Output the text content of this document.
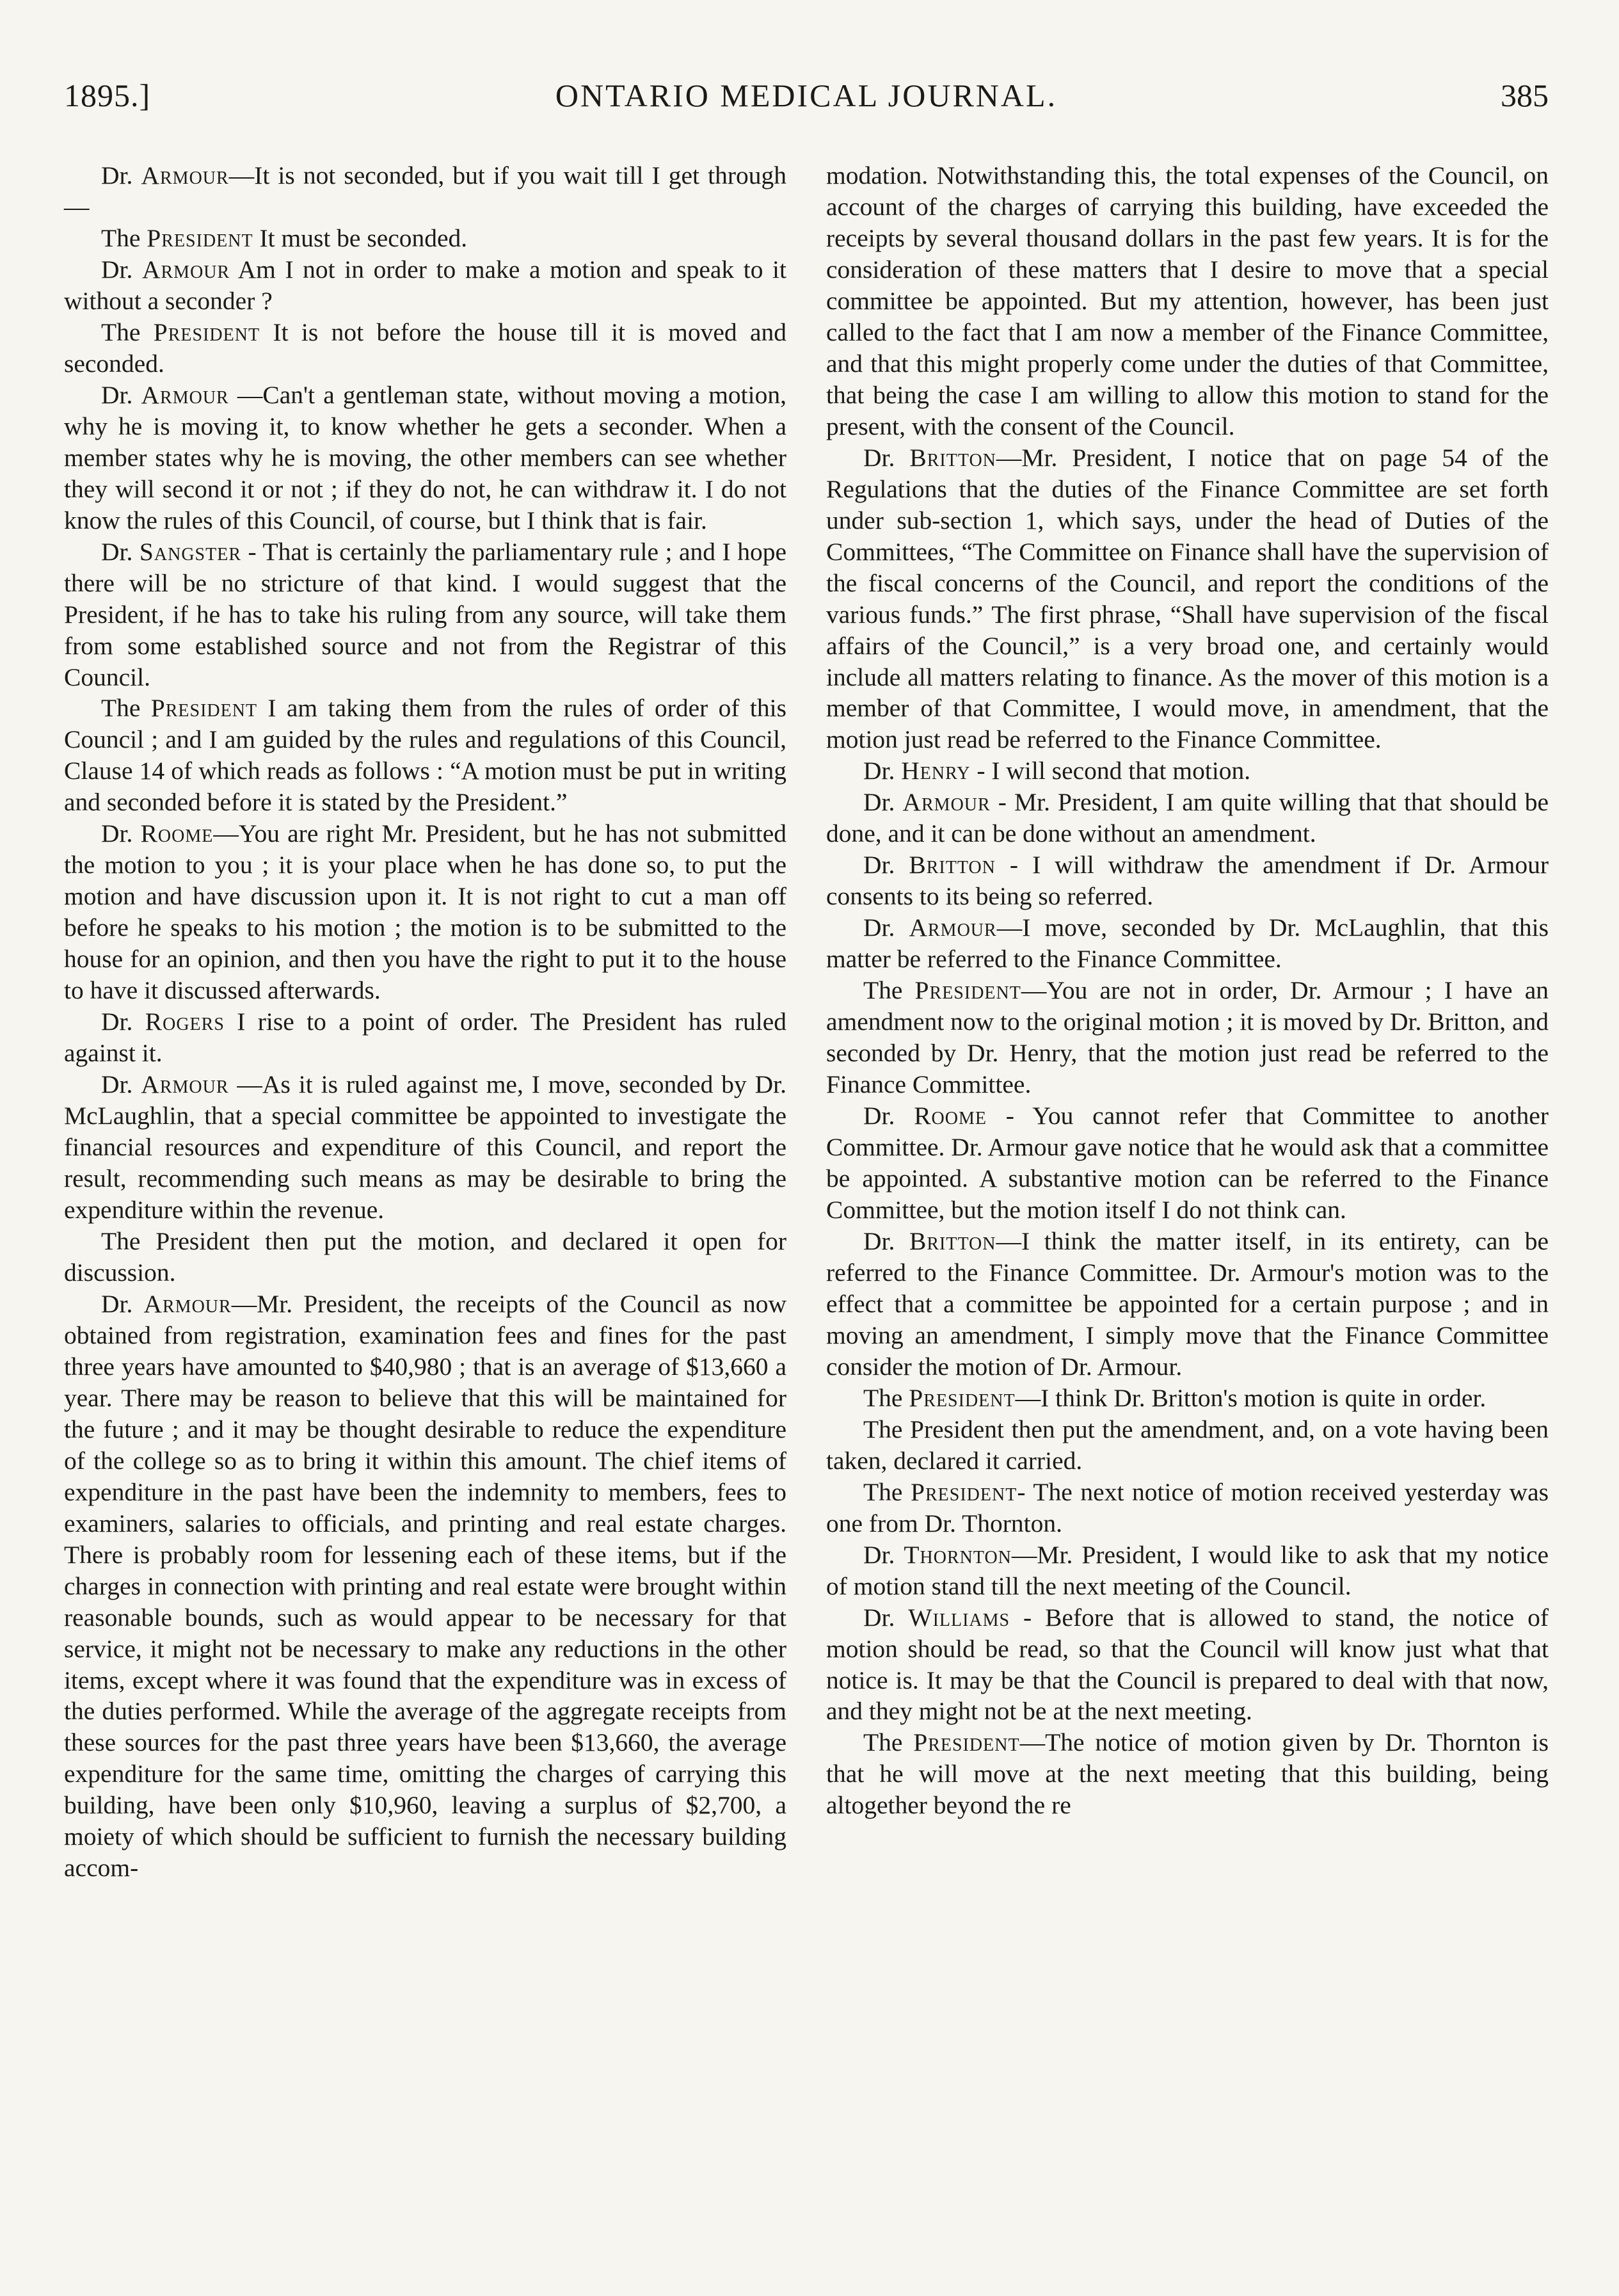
1895.]	ONTARIO MEDICAL JOURNAL.	385

Dr. Armour—It is not seconded, but if you wait till I get through—

The President It must be seconded.

Dr. Armour Am I not in order to make a motion and speak to it without a seconder ?

The President It is not before the house till it is moved and seconded.

Dr. Armour —Can't a gentleman state, without moving a motion, why he is moving it, to know whether he gets a seconder. When a member states why he is moving, the other members can see whether they will second it or not ; if they do not, he can withdraw it. I do not know the rules of this Council, of course, but I think that is fair.

Dr. Sangster - That is certainly the parliamentary rule ; and I hope there will be no stricture of that kind. I would suggest that the President, if he has to take his ruling from any source, will take them from some established source and not from the Registrar of this Council.

The President I am taking them from the rules of order of this Council ; and I am guided by the rules and regulations of this Council, Clause 14 of which reads as follows : “A motion must be put in writing and seconded before it is stated by the President.”

Dr. Roome—You are right Mr. President, but he has not submitted the motion to you ; it is your place when he has done so, to put the motion and have discussion upon it. It is not right to cut a man off before he speaks to his motion ; the motion is to be submitted to the house for an opinion, and then you have the right to put it to the house to have it discussed afterwards.

Dr. Rogers I rise to a point of order. The President has ruled against it.

Dr. Armour —As it is ruled against me, I move, seconded by Dr. McLaughlin, that a special committee be appointed to investigate the financial resources and expenditure of this Council, and report the result, recommending such means as may be desirable to bring the expenditure within the revenue.

The President then put the motion, and declared it open for discussion.

Dr. Armour—Mr. President, the receipts of the Council as now obtained from registration, examination fees and fines for the past three years have amounted to $40,980 ; that is an average of $13,660 a year. There may be reason to believe that this will be maintained for the future ; and it may be thought desirable to reduce the expenditure of the college so as to bring it within this amount. The chief items of expenditure in the past have been the indemnity to members, fees to examiners, salaries to officials, and printing and real estate charges. There is probably room for lessening each of these items, but if the charges in connection with printing and real estate were brought within reasonable bounds, such as would appear to be necessary for that service, it might not be necessary to make any reductions in the other items, except where it was found that the expenditure was in excess of the duties performed. While the average of the aggregate receipts from these sources for the past three years have been $13,660, the average expenditure for the same time, omitting the charges of carrying this building, have been only $10,960, leaving a surplus of $2,700, a moiety of which should be sufficient to furnish the necessary building accom-

modation. Notwithstanding this, the total expenses of the Council, on account of the charges of carrying this building, have exceeded the receipts by several thousand dollars in the past few years. It is for the consideration of these matters that I desire to move that a special committee be appointed. But my attention, however, has been just called to the fact that I am now a member of the Finance Committee, and that this might properly come under the duties of that Committee, that being the case I am willing to allow this motion to stand for the present, with the consent of the Council.

Dr. Britton—Mr. President, I notice that on page 54 of the Regulations that the duties of the Finance Committee are set forth under sub-section 1, which says, under the head of Duties of the Committees, “The Committee on Finance shall have the supervision of the fiscal concerns of the Council, and report the conditions of the various funds.” The first phrase, “Shall have supervision of the fiscal affairs of the Council,” is a very broad one, and certainly would include all matters relating to finance. As the mover of this motion is a member of that Committee, I would move, in amendment, that the motion just read be referred to the Finance Committee.

Dr. Henry - I will second that motion.

Dr. Armour - Mr. President, I am quite willing that that should be done, and it can be done without an amendment.

Dr. Britton - I will withdraw the amendment if Dr. Armour consents to its being so referred.

Dr. Armour—I move, seconded by Dr. McLaughlin, that this matter be referred to the Finance Committee.

The President—You are not in order, Dr. Armour ; I have an amendment now to the original motion ; it is moved by Dr. Britton, and seconded by Dr. Henry, that the motion just read be referred to the Finance Committee.

Dr. Roome - You cannot refer that Committee to another Committee. Dr. Armour gave notice that he would ask that a committee be appointed. A substantive motion can be referred to the Finance Committee, but the motion itself I do not think can.

Dr. Britton—I think the matter itself, in its entirety, can be referred to the Finance Committee. Dr. Armour's motion was to the effect that a committee be appointed for a certain purpose ; and in moving an amendment, I simply move that the Finance Committee consider the motion of Dr. Armour.

The President—I think Dr. Britton's motion is quite in order.

The President then put the amendment, and, on a vote having been taken, declared it carried.

The President- The next notice of motion received yesterday was one from Dr. Thornton.

Dr. Thornton—Mr. President, I would like to ask that my notice of motion stand till the next meeting of the Council.

Dr. Williams - Before that is allowed to stand, the notice of motion should be read, so that the Council will know just what that notice is. It may be that the Council is prepared to deal with that now, and they might not be at the next meeting.

The President—The notice of motion given by Dr. Thornton is that he will move at the next meeting that this building, being altogether beyond the re
